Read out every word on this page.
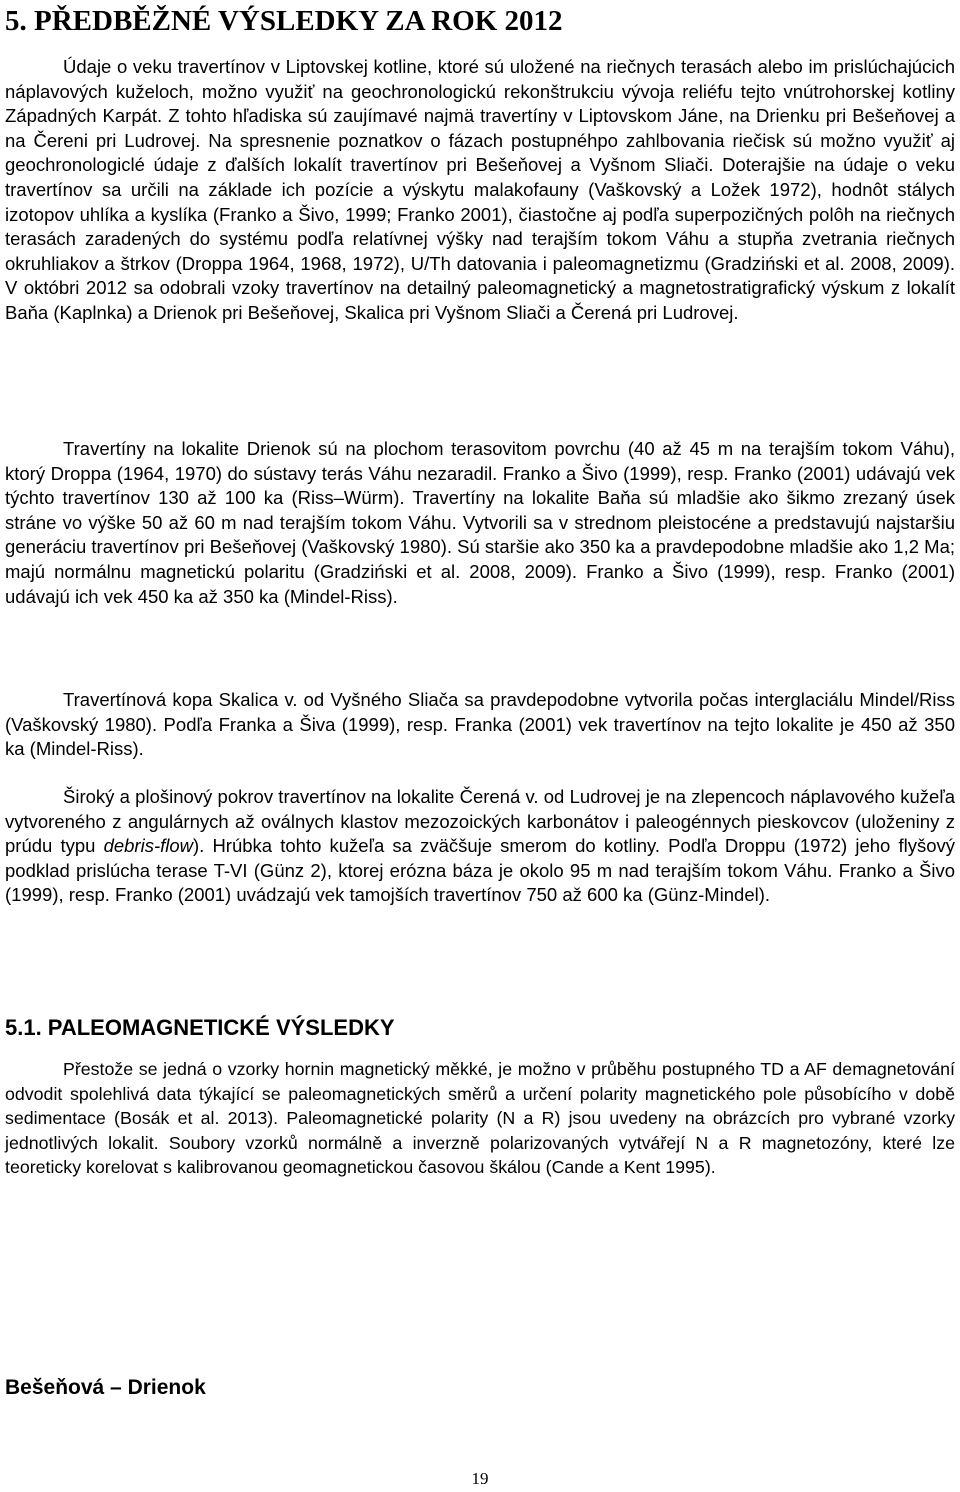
5. PŘEDBĚŽNÉ VÝSLEDKY ZA ROK 2012

Údaje o veku travertínov v Liptovskej kotline, ktoré sú uložené na riečnych terasách alebo im prislúchajúcich náplavových kuželoch, možno využiť na geochronologickú rekonštrukciu vývoja reliéfu tejto vnútrohorskej kotliny Západných Karpát. Z tohto hľadiska sú zaujímavé najmä travertíny v Liptovskom Jáne, na Drienku pri Bešeňovej a na Čereni pri Ludrovej. Na spresnenie poznatkov o fázach postupnéhpo zahlbovania riečisk sú možno využiť aj geochronologiclé údaje z ďalších lokalít travertínov pri Bešeňovej a Vyšnom Sliači. Doterajšie na údaje o veku travertínov sa určili na základe ich pozície a výskytu malakofauny (Vaškovský a Ložek 1972), hodnôt stálych izotopov uhlíka a kyslíka (Franko a Šivo, 1999; Franko 2001), čiastočne aj podľa superpozičných polôh na riečnych terasách zaradených do systému podľa relatívnej výšky nad terajším tokom Váhu a stupňa zvetrania riečnych okruhliakov a štrkov (Droppa 1964, 1968, 1972), U/Th datovania i paleomagnetizmu (Gradziński et al. 2008, 2009). V októbri 2012 sa odobrali vzoky travertínov na detailný paleomagnetický a magnetostratigrafický výskum z lokalít Baňa (Kaplnka) a Drienok pri Bešeňovej, Skalica pri Vyšnom Sliači a Čerená pri Ludrovej.

Travertíny na lokalite Drienok sú na plochom terasovitom povrchu (40 až 45 m na terajším tokom Váhu), ktorý Droppa (1964, 1970) do sústavy terás Váhu nezaradil. Franko a Šivo (1999), resp. Franko (2001) udávajú vek týchto travertínov 130 až 100 ka (Riss–Würm). Travertíny na lokalite Baňa sú mladšie ako šikmo zrezaný úsek stráne vo výške 50 až 60 m nad terajším tokom Váhu. Vytvorili sa v strednom pleistocéne a predstavujú najstaršiu generáciu travertínov pri Bešeňovej (Vaškovský 1980). Sú staršie ako 350 ka a pravdepodobne mladšie ako 1,2 Ma; majú normálnu magnetickú polaritu (Gradziński et al. 2008, 2009). Franko a Šivo (1999), resp. Franko (2001) udávajú ich vek 450 ka až 350 ka (Mindel-Riss).

Travertínová kopa Skalica v. od Vyšného Sliača sa pravdepodobne vytvorila počas interglaciálu Mindel/Riss (Vaškovský 1980). Podľa Franka a Šiva (1999), resp. Franka (2001) vek travertínov na tejto lokalite je 450 až 350 ka (Mindel-Riss).

Široký a plošinový pokrov travertínov na lokalite Čerená v. od Ludrovej je na zlepencoch náplavového kužeľa vytvoreného z angulárnych až oválnych klastov mezozoických karbonátov i paleogénnych pieskovcov (uloženiny z prúdu typu debris-flow). Hrúbka tohto kužeľa sa zväčšuje smerom do kotliny. Podľa Droppu (1972) jeho flyšový podklad prislúcha terase T-VI (Günz 2), ktorej erózna báza je okolo 95 m nad terajším tokom Váhu. Franko a Šivo (1999), resp. Franko (2001) uvádzajú vek tamojších travertínov 750 až 600 ka (Günz-Mindel).

5.1. PALEOMAGNETICKÉ VÝSLEDKY

Přestože se jedná o vzorky hornin magnetický měkké, je možno v průběhu postupného TD a AF demagnetování odvodit spolehlivá data týkající se paleomagnetických směrů a určení polarity magnetického pole působícího v době sedimentace (Bosák et al. 2013). Paleomagnetické polarity (N a R) jsou uvedeny na obrázcích pro vybrané vzorky jednotlivých lokalit. Soubory vzorků normálně a inverzně polarizovaných vytvářejí N a R magnetozóny, které lze teoreticky korelovat s kalibrovanou geomagnetickou časovou škálou (Cande a Kent 1995).

Bešeňová – Drienok
19
